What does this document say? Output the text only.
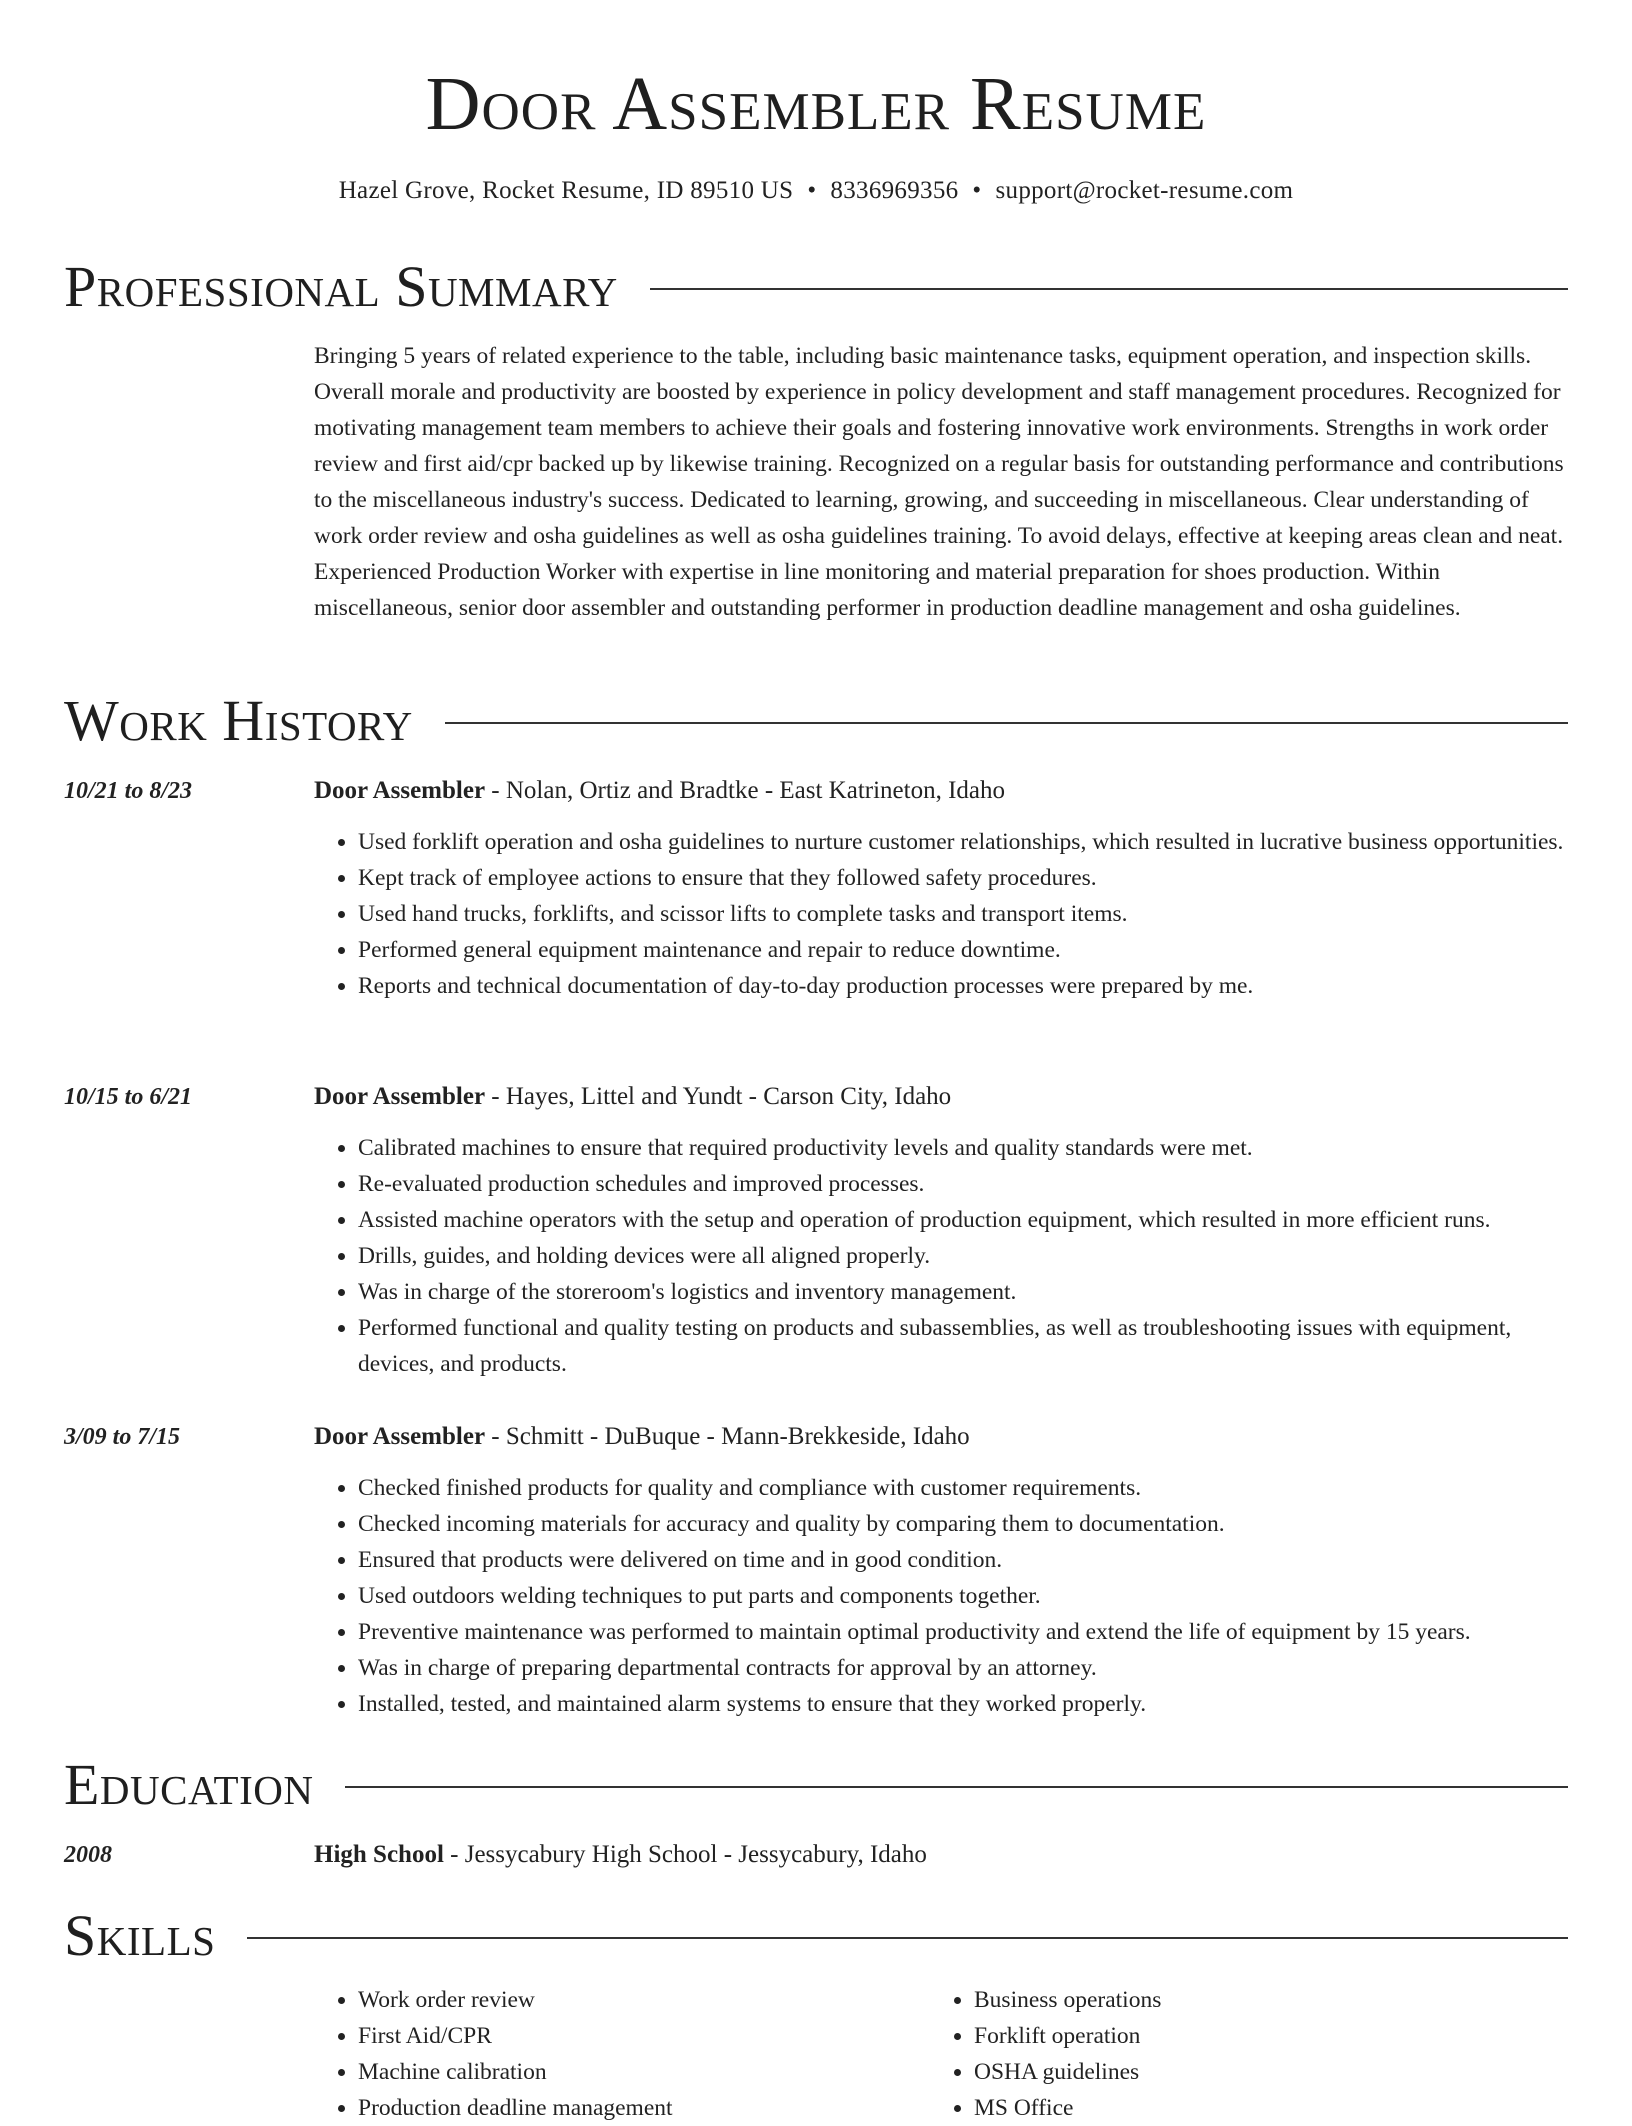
Door Assembler Resume
Hazel Grove, Rocket Resume, ID 89510 US • 8336969356 • support@rocket-resume.com
Professional Summary
Bringing 5 years of related experience to the table, including basic maintenance tasks, equipment operation, and inspection skills. Overall morale and productivity are boosted by experience in policy development and staff management procedures. Recognized for motivating management team members to achieve their goals and fostering innovative work environments. Strengths in work order review and first aid/cpr backed up by likewise training. Recognized on a regular basis for outstanding performance and contributions to the miscellaneous industry's success. Dedicated to learning, growing, and succeeding in miscellaneous. Clear understanding of work order review and osha guidelines as well as osha guidelines training. To avoid delays, effective at keeping areas clean and neat. Experienced Production Worker with expertise in line monitoring and material preparation for shoes production. Within miscellaneous, senior door assembler and outstanding performer in production deadline management and osha guidelines.
Work History
10/21 to 8/23	Door Assembler - Nolan, Ortiz and Bradtke - East Katrineton, Idaho
• Used forklift operation and osha guidelines to nurture customer relationships, which resulted in lucrative business opportunities.
• Kept track of employee actions to ensure that they followed safety procedures.
• Used hand trucks, forklifts, and scissor lifts to complete tasks and transport items.
• Performed general equipment maintenance and repair to reduce downtime.
• Reports and technical documentation of day-to-day production processes were prepared by me.
10/15 to 6/21	Door Assembler - Hayes, Littel and Yundt - Carson City, Idaho
• Calibrated machines to ensure that required productivity levels and quality standards were met.
• Re-evaluated production schedules and improved processes.
• Assisted machine operators with the setup and operation of production equipment, which resulted in more efficient runs.
• Drills, guides, and holding devices were all aligned properly.
• Was in charge of the storeroom's logistics and inventory management.
• Performed functional and quality testing on products and subassemblies, as well as troubleshooting issues with equipment, devices, and products.
3/09 to 7/15	Door Assembler - Schmitt - DuBuque - Mann-Brekkeside, Idaho
• Checked finished products for quality and compliance with customer requirements.
• Checked incoming materials for accuracy and quality by comparing them to documentation.
• Ensured that products were delivered on time and in good condition.
• Used outdoors welding techniques to put parts and components together.
• Preventive maintenance was performed to maintain optimal productivity and extend the life of equipment by 15 years.
• Was in charge of preparing departmental contracts for approval by an attorney.
• Installed, tested, and maintained alarm systems to ensure that they worked properly.
Education
2008	High School - Jessycabury High School - Jessycabury, Idaho
Skills
• Work order review
• First Aid/CPR
• Machine calibration
• Production deadline management
• Business operations
• Forklift operation
• OSHA guidelines
• MS Office
